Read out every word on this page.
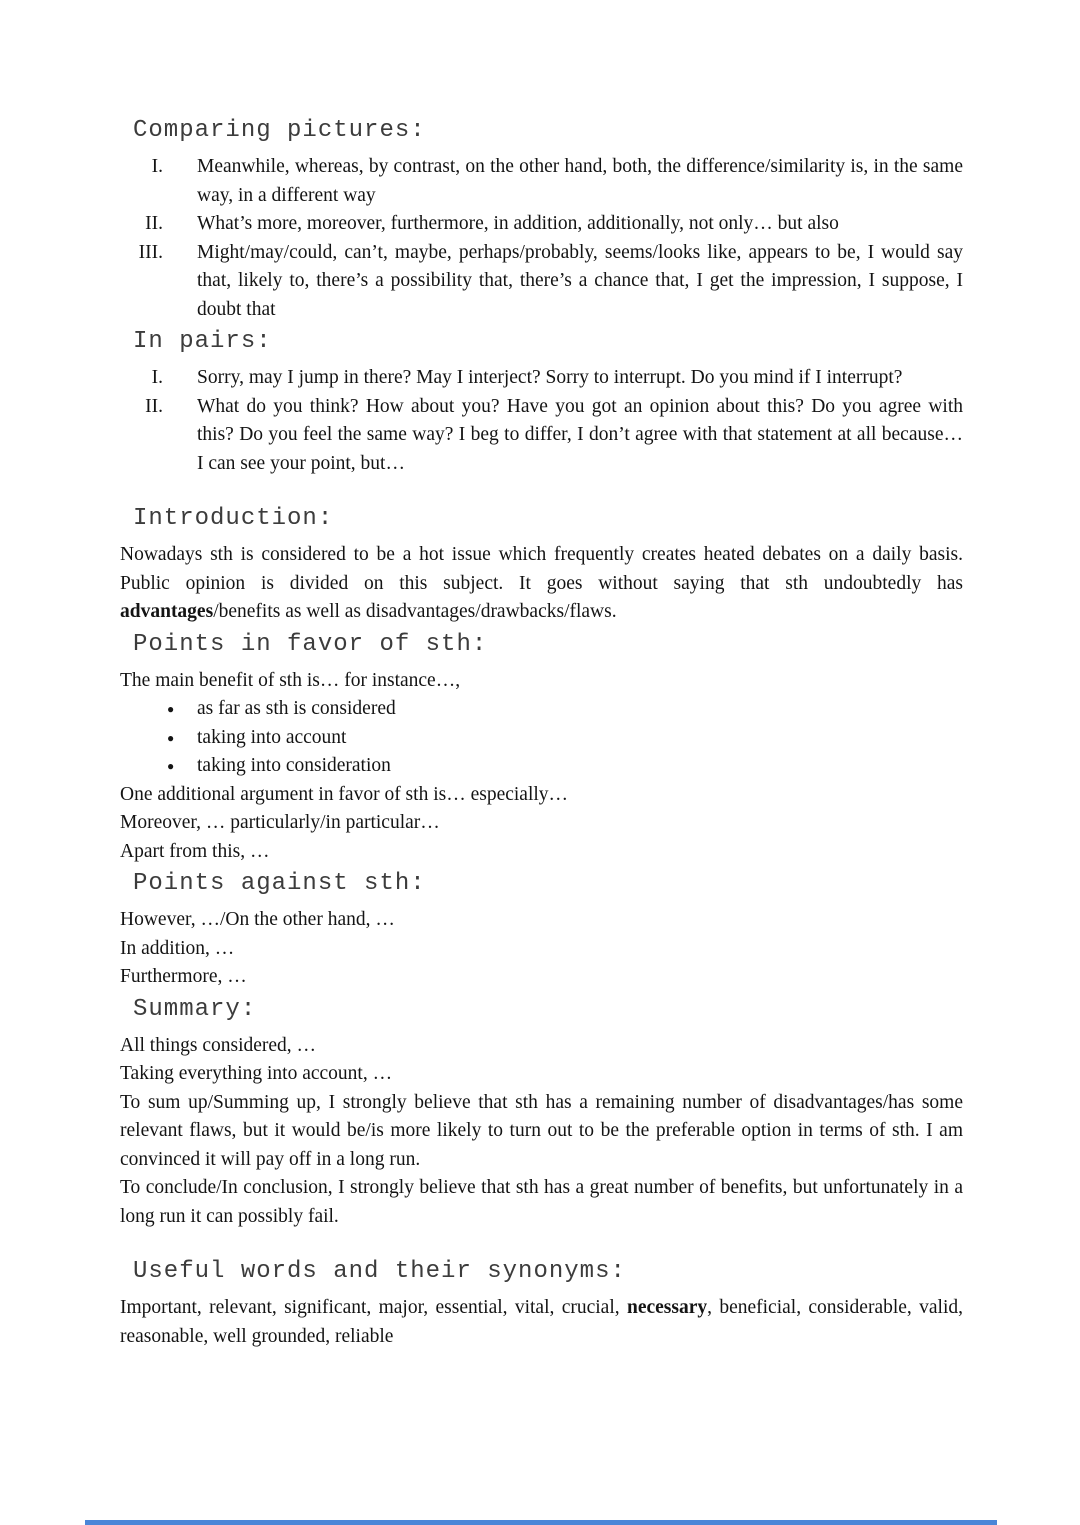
Comparing pictures:
I. Meanwhile, whereas, by contrast, on the other hand, both, the difference/similarity is, in the same way, in a different way
II. What’s more, moreover, furthermore, in addition, additionally, not only… but also
III. Might/may/could, can’t, maybe, perhaps/probably, seems/looks like, appears to be, I would say that, likely to, there’s a possibility that, there’s a chance that, I get the impression, I suppose, I doubt that
In pairs:
I. Sorry, may I jump in there? May I interject? Sorry to interrupt. Do you mind if I interrupt?
II. What do you think? How about you? Have you got an opinion about this? Do you agree with this? Do you feel the same way? I beg to differ, I don’t agree with that statement at all because… I can see your point, but…
Introduction:
Nowadays sth is considered to be a hot issue which frequently creates heated debates on a daily basis. Public opinion is divided on this subject. It goes without saying that sth undoubtedly has advantages/benefits as well as disadvantages/drawbacks/flaws.
Points in favor of sth:
The main benefit of sth is… for instance…,
●	as far as sth is considered
●	taking into account
●	taking into consideration
One additional argument in favor of sth is… especially…
Moreover, … particularly/in particular…
Apart from this, …
Points against sth:
However, …/On the other hand, …
In addition, …
Furthermore, …
Summary:
All things considered, …
Taking everything into account, …
To sum up/Summing up, I strongly believe that sth has a remaining number of disadvantages/has some relevant flaws, but it would be/is more likely to turn out to be the preferable option in terms of sth. I am convinced it will pay off in a long run.
To conclude/In conclusion, I strongly believe that sth has a great number of benefits, but unfortunately in a long run it can possibly fail.
Useful words and their synonyms:
Important, relevant, significant, major, essential, vital, crucial, necessary, beneficial, considerable, valid, reasonable, well grounded, reliable
